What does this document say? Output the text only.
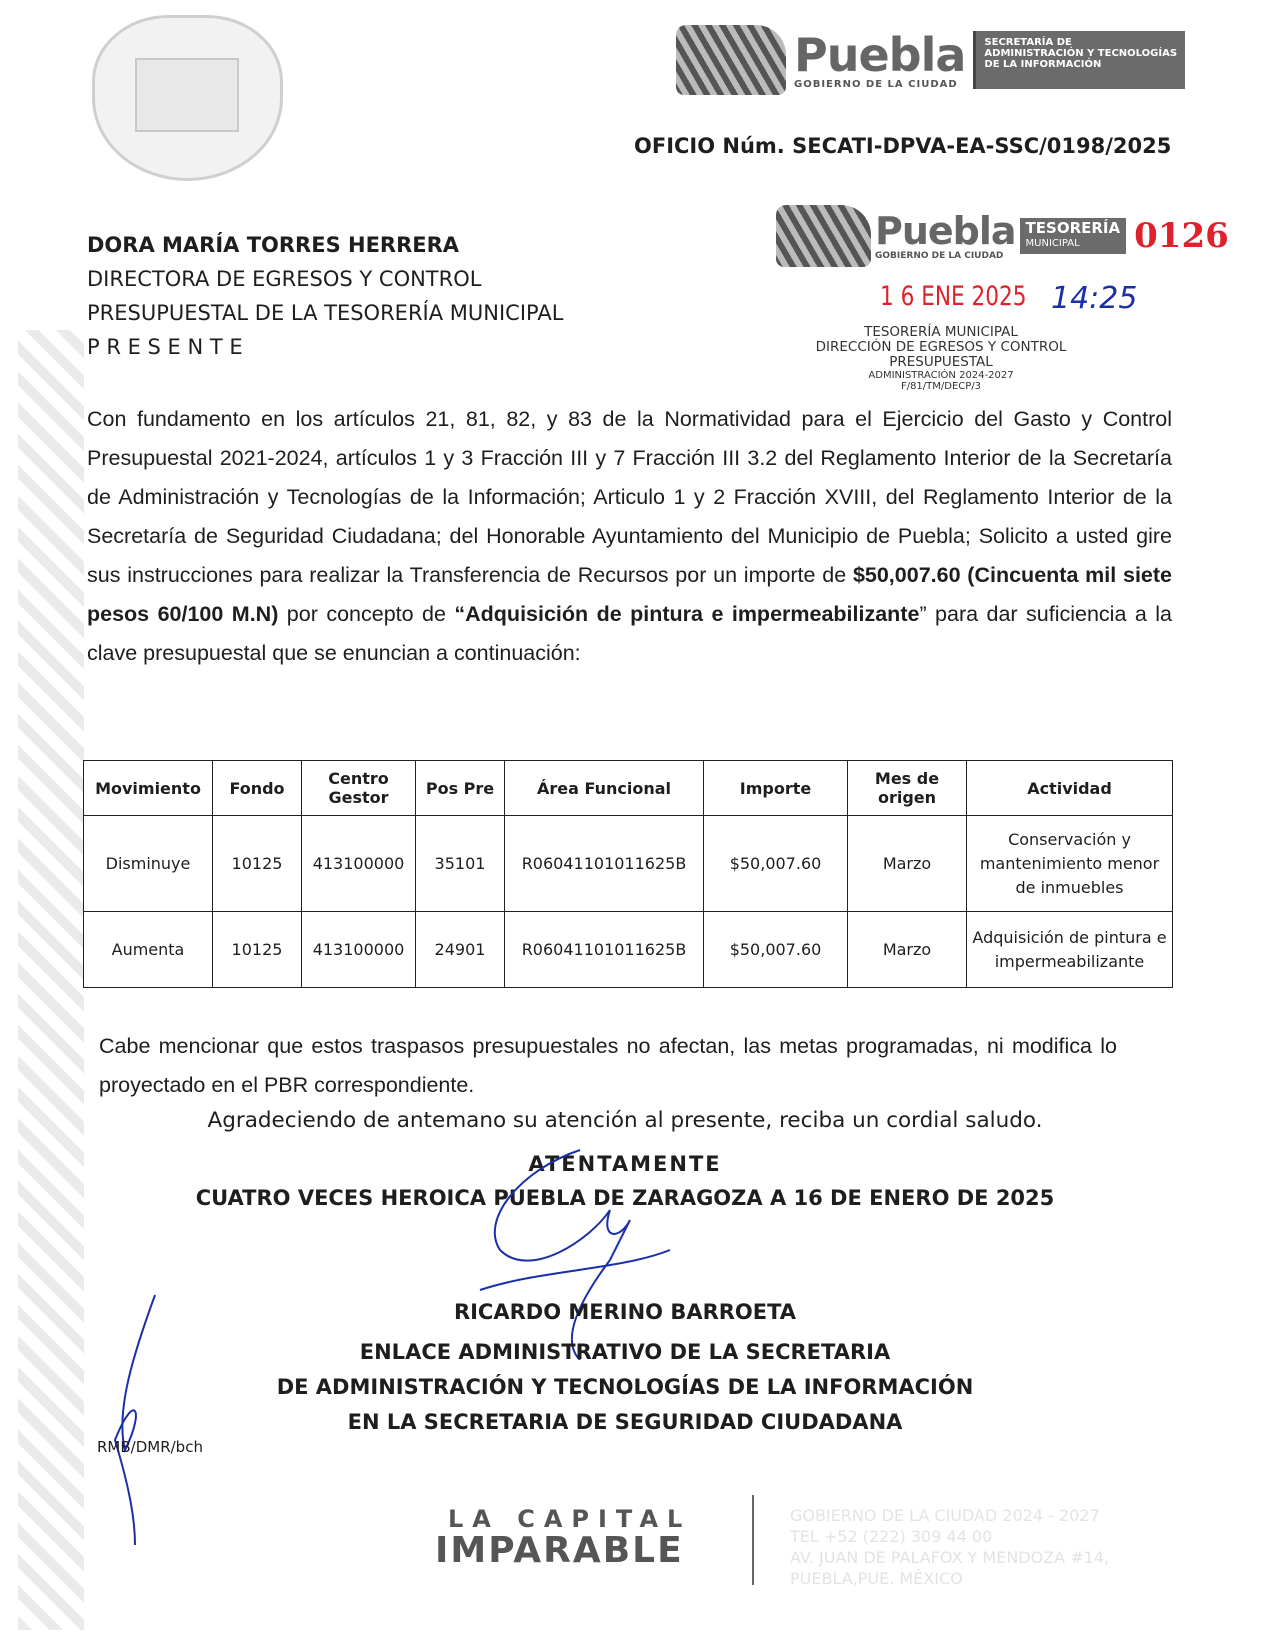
Puebla
GOBIERNO DE LA CIUDAD
SECRETARÍA DE
ADMINISTRACIÓN Y TECNOLOGÍAS
DE LA INFORMACIÓN
OFICIO Núm. SECATI-DPVA-EA-SSC/0198/2025
DORA MARÍA TORRES HERRERA
DIRECTORA DE EGRESOS Y CONTROL
PRESUPUESTAL DE LA TESORERÍA MUNICIPAL
P R E S E N T E
Puebla
GOBIERNO DE LA CIUDAD
TESORERÍA
MUNICIPAL	0126
1 6 ENE 2025 14:25
TESORERÍA MUNICIPAL
DIRECCIÓN DE EGRESOS Y CONTROL
PRESUPUESTAL
ADMINISTRACIÓN 2024-2027
F/81/TM/DECP/3
Con fundamento en los artículos 21, 81, 82, y 83 de la Normatividad para el Ejercicio del Gasto y Control Presupuestal 2021-2024, artículos 1 y 3 Fracción III y 7 Fracción III 3.2 del Reglamento Interior de la Secretaría de Administración y Tecnologías de la Información; Articulo 1 y 2 Fracción XVIII, del Reglamento Interior de la Secretaría de Seguridad Ciudadana; del Honorable Ayuntamiento del Municipio de Puebla; Solicito a usted gire sus instrucciones para realizar la Transferencia de Recursos por un importe de $50,007.60 (Cincuenta mil siete pesos 60/100 M.N) por concepto de “Adquisición de pintura e impermeabilizante” para dar suficiencia a la clave presupuestal que se enuncian a continuación:
Movimiento	Fondo	Centro Gestor	Pos Pre	Área Funcional	Importe	Mes de origen	Actividad
Disminuye	10125	413100000	35101	R06041101011625B	$50,007.60	Marzo	Conservación y mantenimiento menor de inmuebles
Aumenta	10125	413100000	24901	R06041101011625B	$50,007.60	Marzo	Adquisición de pintura e impermeabilizante
Cabe mencionar que estos traspasos presupuestales no afectan, las metas programadas, ni modifica lo proyectado en el PBR correspondiente.
Agradeciendo de antemano su atención al presente, reciba un cordial saludo.
ATENTAMENTE
CUATRO VECES HEROICA PUEBLA DE ZARAGOZA A 16 DE ENERO DE 2025
RICARDO MERINO BARROETA
ENLACE ADMINISTRATIVO DE LA SECRETARIA
DE ADMINISTRACIÓN Y TECNOLOGÍAS DE LA INFORMACIÓN
EN LA SECRETARIA DE SEGURIDAD CIUDADANA
RMB/DMR/bch
LA CAPITAL
IMPARABLE
GOBIERNO DE LA CIUDAD 2024 - 2027
TEL +52 (222) 309 44 00
AV. JUAN DE PALAFOX Y MENDOZA #14,
PUEBLA,PUE. MÉXICO
